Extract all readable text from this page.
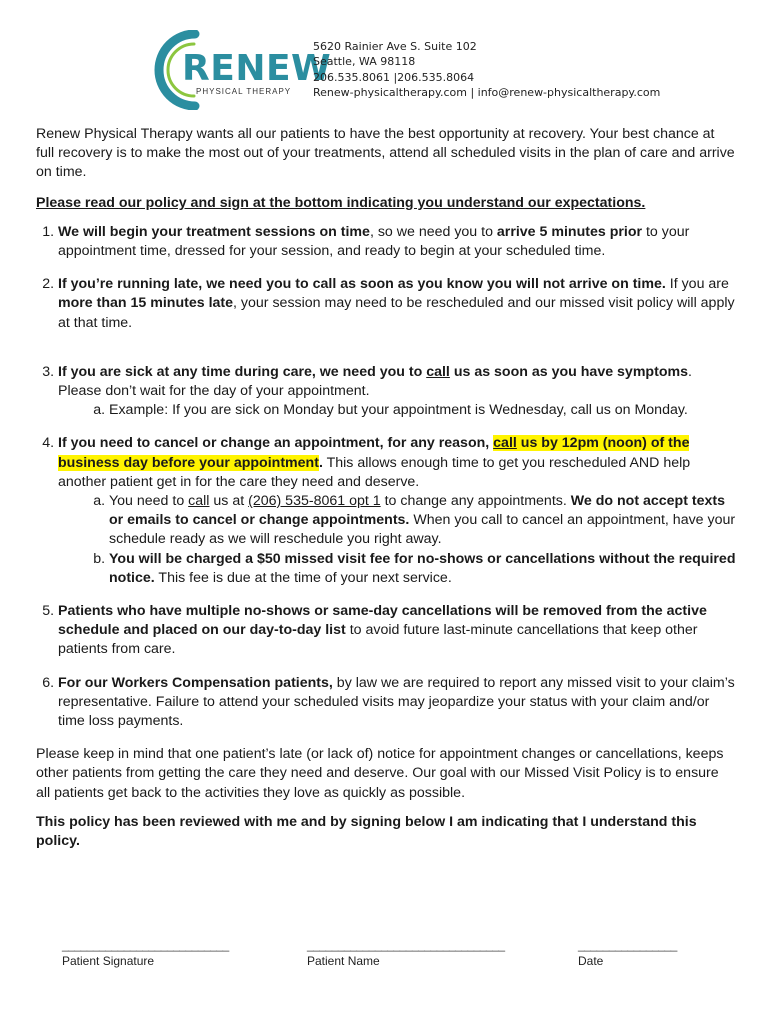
RENEW
PHYSICAL THERAPY
5620 Rainier Ave S. Suite 102
Seattle, WA 98118
206.535.8061 |206.535.8064
Renew-physicaltherapy.com | info@renew-physicaltherapy.com

Renew Physical Therapy wants all our patients to have the best opportunity at recovery. Your best chance at full recovery is to make the most out of your treatments, attend all scheduled visits in the plan of care and arrive on time.

Please read our policy and sign at the bottom indicating you understand our expectations.

1. We will begin your treatment sessions on time, so we need you to arrive 5 minutes prior to your appointment time, dressed for your session, and ready to begin at your scheduled time.
2. If you’re running late, we need you to call as soon as you know you will not arrive on time. If you are more than 15 minutes late, your session may need to be rescheduled and our missed visit policy will apply at that time.
3. If you are sick at any time during care, we need you to call us as soon as you have symptoms. Please don’t wait for the day of your appointment.
a. Example: If you are sick on Monday but your appointment is Wednesday, call us on Monday.
4. If you need to cancel or change an appointment, for any reason, call us by 12pm (noon) of the business day before your appointment. This allows enough time to get you rescheduled AND help another patient get in for the care they need and deserve.
a. You need to call us at (206) 535-8061 opt 1 to change any appointments. We do not accept texts or emails to cancel or change appointments. When you call to cancel an appointment, have your schedule ready as we will reschedule you right away.
b. You will be charged a $50 missed visit fee for no-shows or cancellations without the required notice. This fee is due at the time of your next service.
5. Patients who have multiple no-shows or same-day cancellations will be removed from the active schedule and placed on our day-to-day list to avoid future last-minute cancellations that keep other patients from care.
6. For our Workers Compensation patients, by law we are required to report any missed visit to your claim’s representative. Failure to attend your scheduled visits may jeopardize your status with your claim and/or time loss payments.

Please keep in mind that one patient’s late (or lack of) notice for appointment changes or cancellations, keeps other patients from getting the care they need and deserve. Our goal with our Missed Visit Policy is to ensure all patients get back to the activities they love as quickly as possible.

This policy has been reviewed with me and by signing below I am indicating that I understand this policy.

___________________________
Patient Signature
________________________________
Patient Name
________________
Date
